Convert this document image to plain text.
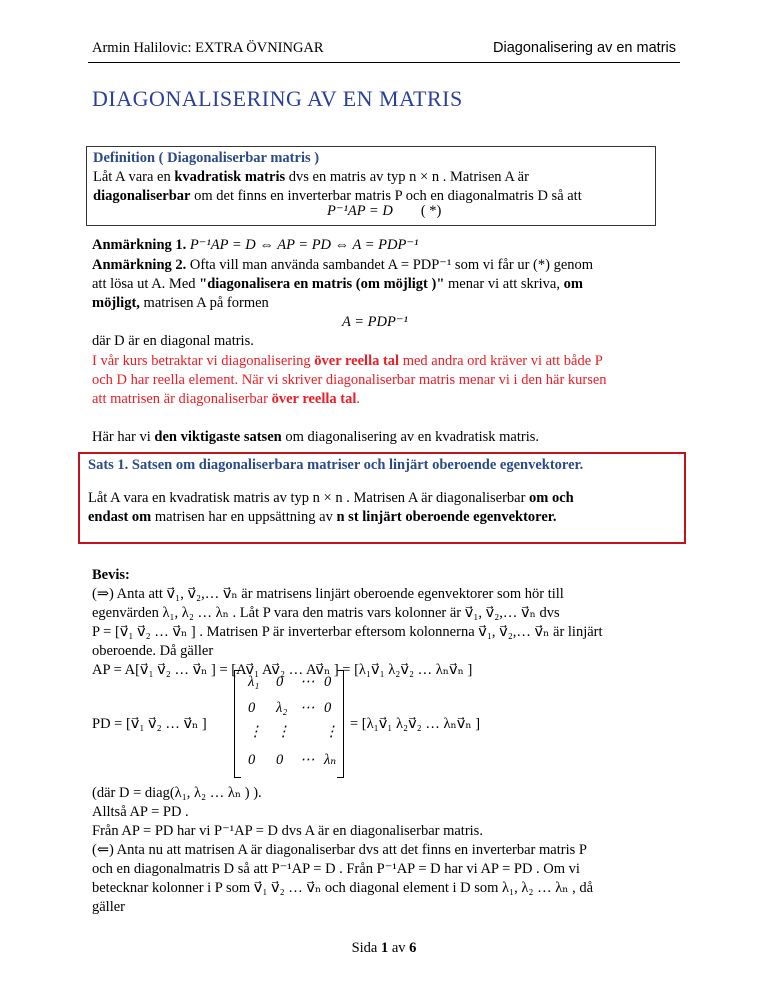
Armin Halilovic: EXTRA ÖVNINGAR	Diagonalisering av en matris
DIAGONALISERING AV EN MATRIS
Definition ( Diagonaliserbar matris )
Låt A vara en kvadratisk matris dvs en matris av typ n × n . Matrisen A är
diagonaliserbar om det finns en inverterbar matris P och en diagonalmatris D så att
P⁻¹AP = D ( *)
Anmärkning 1. P⁻¹AP = D ⇔ AP = PD ⇔ A = PDP⁻¹
Anmärkning 2. Ofta vill man använda sambandet A = PDP⁻¹ som vi får ur (*) genom
att lösa ut A. Med "diagonalisera en matris (om möjligt )" menar vi att skriva, om
möjligt, matrisen A på formen
A = PDP⁻¹
där D är en diagonal matris.
I vår kurs betraktar vi diagonalisering över reella tal med andra ord kräver vi att både P
och D har reella element. När vi skriver diagonaliserbar matris menar vi i den här kursen
att matrisen är diagonaliserbar över reella tal.
Här har vi den viktigaste satsen om diagonalisering av en kvadratisk matris.
Sats 1. Satsen om diagonaliserbara matriser och linjärt oberoende egenvektorer.
Låt A vara en kvadratisk matris av typ n × n . Matrisen A är diagonaliserbar om och
endast om matrisen har en uppsättning av n st linjärt oberoende egenvektorer.
Bevis:
(⇒) Anta att v⃗₁, v⃗₂,… v⃗ₙ är matrisens linjärt oberoende egenvektorer som hör till
egenvärden λ₁, λ₂ … λₙ . Låt P vara den matris vars kolonner är v⃗₁, v⃗₂,… v⃗ₙ dvs
P = [v⃗₁ v⃗₂ … v⃗ₙ ] . Matrisen P är inverterbar eftersom kolonnerna v⃗₁, v⃗₂,… v⃗ₙ är linjärt
oberoende. Då gäller
AP = A[v⃗₁ v⃗₂ … v⃗ₙ ] = [Av⃗₁ Av⃗₂ … Av⃗ₙ ] = [λ₁v⃗₁ λ₂v⃗₂ … λₙv⃗ₙ ]
PD = [v⃗₁ v⃗₂ … v⃗ₙ ]
λ₁ 0 ⋯ 0
0 λ₂ ⋯ 0
⋮ ⋮ ⋮
0 0 ⋯ λₙ
= [λ₁v⃗₁ λ₂v⃗₂ … λₙv⃗ₙ ]
(där D = diag(λ₁, λ₂ … λₙ ) ).
Alltså AP = PD .
Från AP = PD har vi P⁻¹AP = D dvs A är en diagonaliserbar matris.
(⇐) Anta nu att matrisen A är diagonaliserbar dvs att det finns en inverterbar matris P
och en diagonalmatris D så att P⁻¹AP = D . Från P⁻¹AP = D har vi AP = PD . Om vi
betecknar kolonner i P som v⃗₁ v⃗₂ … v⃗ₙ och diagonal element i D som λ₁, λ₂ … λₙ , då
gäller
Sida 1 av 6
